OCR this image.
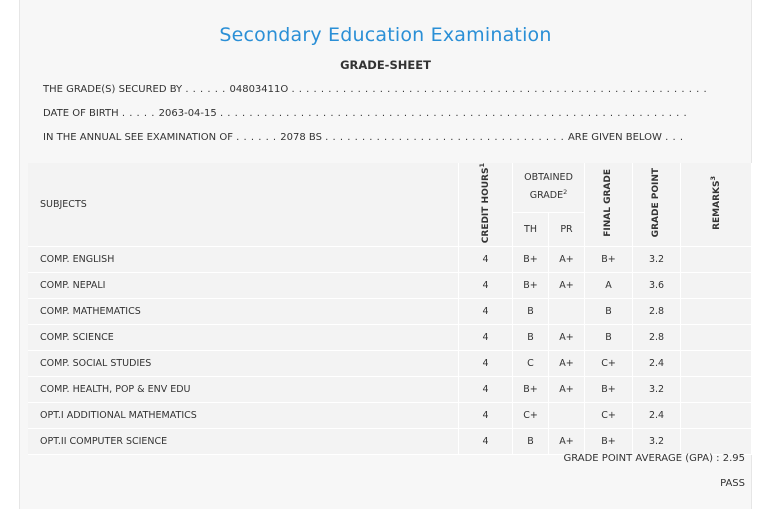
Secondary Education Examination
GRADE-SHEET
THE GRADE(S) SECURED BY . . . . . . 04803411O . . . . . . . . . . . . . . . . . . . . . . . . . . . . . . . . . . . . . . . . . . . . . . . . . . . . . . . . .
DATE OF BIRTH . . . . . 2063-04-15 . . . . . . . . . . . . . . . . . . . . . . . . . . . . . . . . . . . . . . . . . . . . . . . . . . . . . . . . . . . . . . . .
IN THE ANNUAL SEE EXAMINATION OF . . . . . . 2078 BS . . . . . . . . . . . . . . . . . . . . . . . . . . . . . . . . . ARE GIVEN BELOW . . .
SUBJECTS	CREDIT HOURS$^1$	OBTAINED GRADE$^2$		FINAL GRADE	GRADE POINT	REMARKS$^3$
		TH	PR			
COMP. ENGLISH	4	B+	A+	B+	3.2	
COMP. NEPALI	4	B+	A+	A	3.6	
COMP. MATHEMATICS	4	B		B	2.8	
COMP. SCIENCE	4	B	A+	B	2.8	
COMP. SOCIAL STUDIES	4	C	A+	C+	2.4	
COMP. HEALTH, POP & ENV EDU	4	B+	A+	B+	3.2	
OPT.I ADDITIONAL MATHEMATICS	4	C+		C+	2.4	
OPT.II COMPUTER SCIENCE	4	B	A+	B+	3.2	
GRADE POINT AVERAGE (GPA) : 2.95
PASS
